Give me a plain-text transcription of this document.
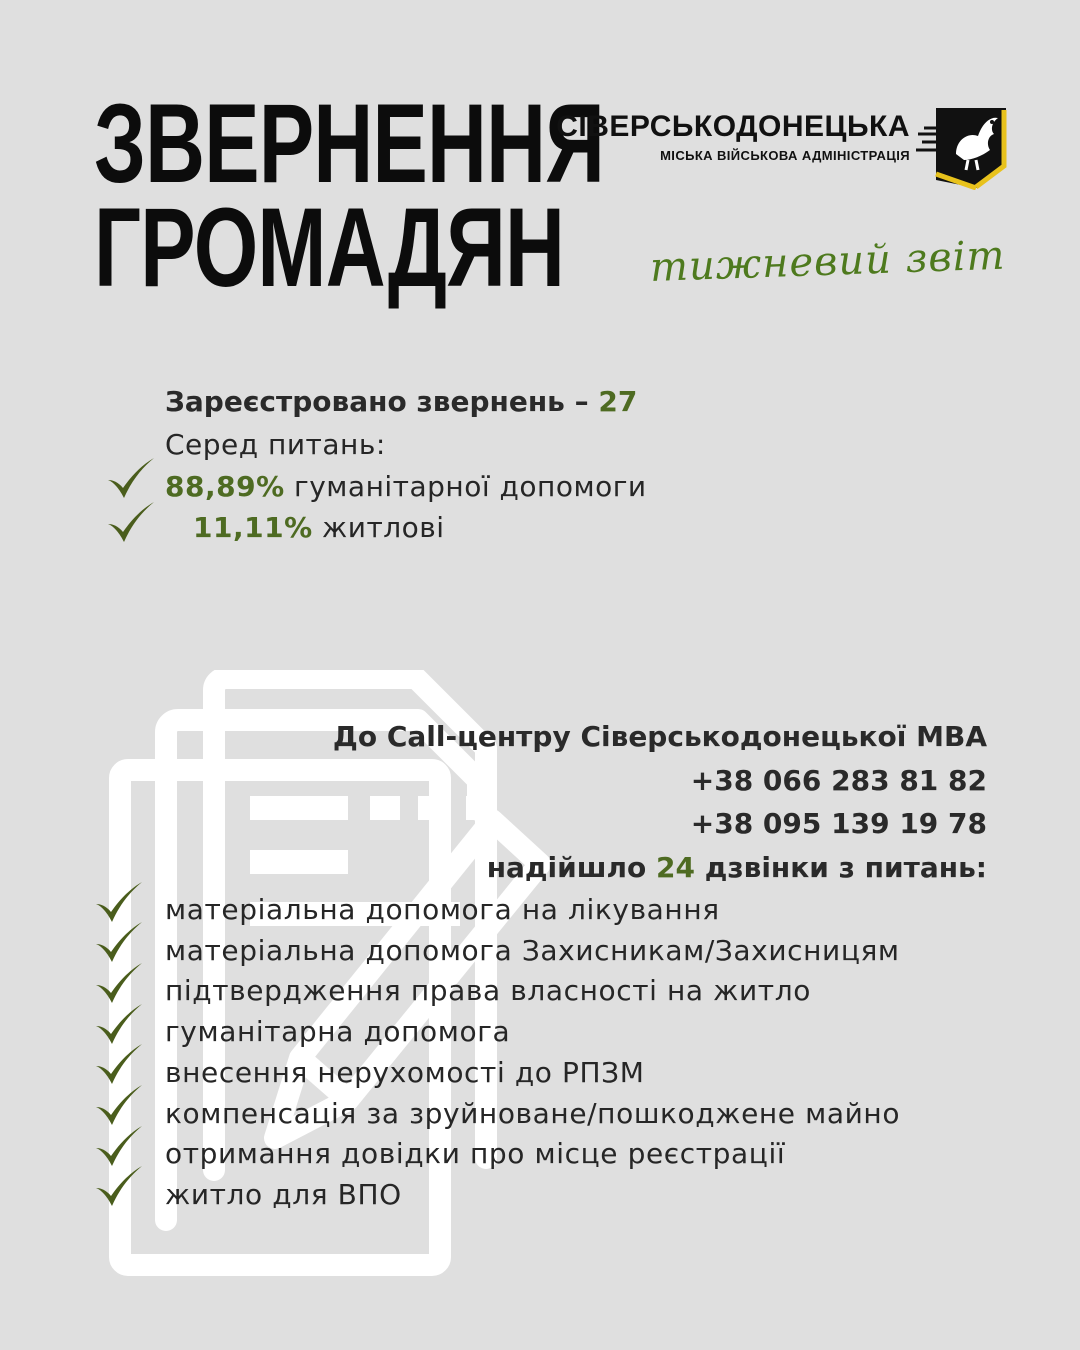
ЗВЕРНЕННЯ
ГРОМАДЯН
СІВЕРСЬКОДОНЕЦЬКА
МІСЬКА ВІЙСЬКОВА АДМІНІСТРАЦІЯ
тижневий звіт

Зареєстровано звернень – 27

Серед питань:

88,89% гуманітарної допомоги
11,11% житлові
До Call-центру Сіверськодонецької МВА
+38 066 283 81 82
+38 095 139 19 78
надійшло 24 дзвінки з питань:
матеріальна допомога на лікування
матеріальна допомога Захисникам/Захисницям
підтвердження права власності на житло
гуманітарна допомога
внесення нерухомості до РПЗМ
компенсація за зруйноване/пошкоджене майно
отримання довідки про місце реєстрації
житло для ВПО
